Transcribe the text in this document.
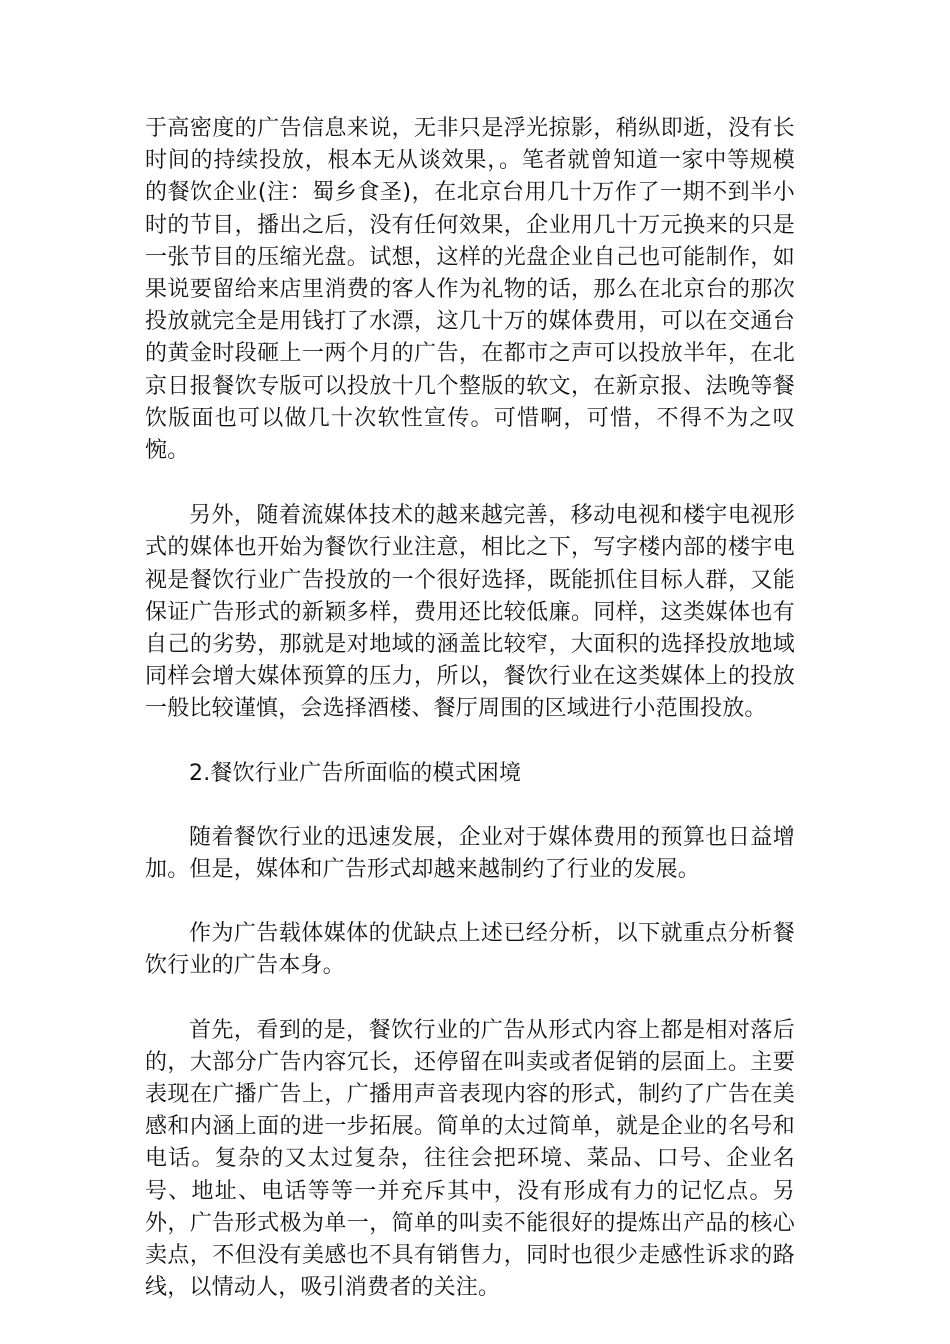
于高密度的广告信息来说，无非只是浮光掠影，稍纵即逝，没有长时间的持续投放，根本无从谈效果，。笔者就曾知道一家中等规模的餐饮企业(注：蜀乡食圣)，在北京台用几十万作了一期不到半小时的节目，播出之后，没有任何效果，企业用几十万元换来的只是一张节目的压缩光盘。试想，这样的光盘企业自己也可能制作，如果说要留给来店里消费的客人作为礼物的话，那么在北京台的那次投放就完全是用钱打了水漂，这几十万的媒体费用，可以在交通台的黄金时段砸上一两个月的广告，在都市之声可以投放半年，在北京日报餐饮专版可以投放十几个整版的软文，在新京报、法晚等餐饮版面也可以做几十次软性宣传。可惜啊，可惜，不得不为之叹惋。

另外，随着流媒体技术的越来越完善，移动电视和楼宇电视形式的媒体也开始为餐饮行业注意，相比之下，写字楼内部的楼宇电视是餐饮行业广告投放的一个很好选择，既能抓住目标人群，又能保证广告形式的新颖多样，费用还比较低廉。同样，这类媒体也有自己的劣势，那就是对地域的涵盖比较窄，大面积的选择投放地域同样会增大媒体预算的压力，所以，餐饮行业在这类媒体上的投放一般比较谨慎，会选择酒楼、餐厅周围的区域进行小范围投放。

2.餐饮行业广告所面临的模式困境

随着餐饮行业的迅速发展，企业对于媒体费用的预算也日益增加。但是，媒体和广告形式却越来越制约了行业的发展。

作为广告载体媒体的优缺点上述已经分析，以下就重点分析餐饮行业的广告本身。

首先，看到的是，餐饮行业的广告从形式内容上都是相对落后的，大部分广告内容冗长，还停留在叫卖或者促销的层面上。主要表现在广播广告上，广播用声音表现内容的形式，制约了广告在美感和内涵上面的进一步拓展。简单的太过简单，就是企业的名号和电话。复杂的又太过复杂，往往会把环境、菜品、口号、企业名号、地址、电话等等一并充斥其中，没有形成有力的记忆点。另外，广告形式极为单一，简单的叫卖不能很好的提炼出产品的核心卖点，不但没有美感也不具有销售力，同时也很少走感性诉求的路线，以情动人，吸引消费者的关注。
